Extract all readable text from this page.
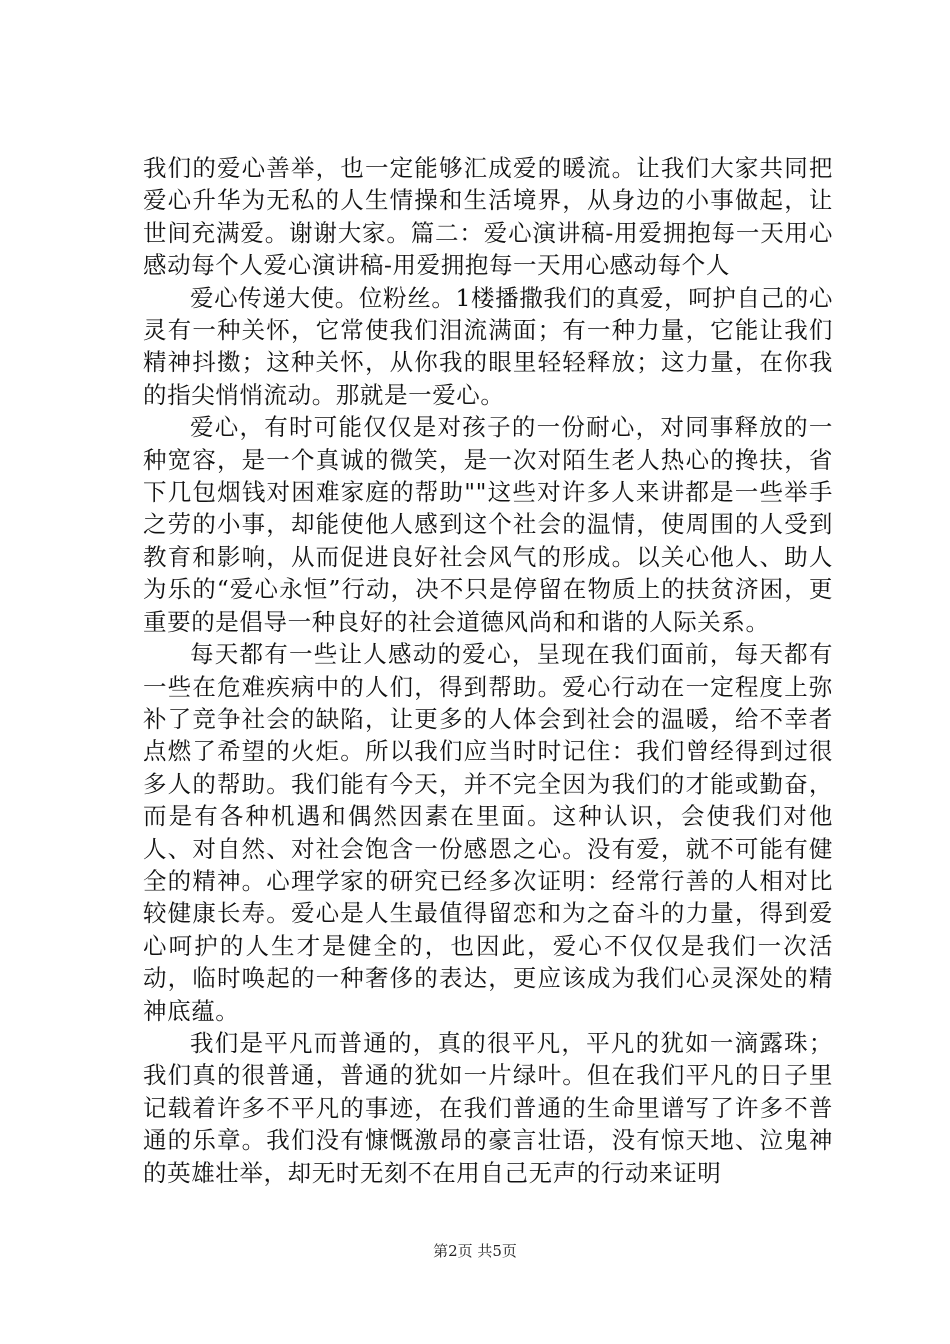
我们的爱心善举，也一定能够汇成爱的暖流。让我们大家共同把爱心升华为无私的人生情操和生活境界，从身边的小事做起，让世间充满爱。谢谢大家。篇二：爱心演讲稿-用爱拥抱每一天用心感动每个人爱心演讲稿-用爱拥抱每一天用心感动每个人

爱心传递大使。位粉丝。1楼播撒我们的真爱，呵护自己的心灵有一种关怀，它常使我们泪流满面；有一种力量，它能让我们精神抖擞；这种关怀，从你我的眼里轻轻释放；这力量，在你我的指尖悄悄流动。那就是一爱心。

爱心，有时可能仅仅是对孩子的一份耐心，对同事释放的一种宽容，是一个真诚的微笑，是一次对陌生老人热心的搀扶，省下几包烟钱对困难家庭的帮助""这些对许多人来讲都是一些举手之劳的小事，却能使他人感到这个社会的温情，使周围的人受到教育和影响，从而促进良好社会风气的形成。以关心他人、助人为乐的“爱心永恒”行动，决不只是停留在物质上的扶贫济困，更重要的是倡导一种良好的社会道德风尚和和谐的人际关系。

每天都有一些让人感动的爱心，呈现在我们面前，每天都有一些在危难疾病中的人们，得到帮助。爱心行动在一定程度上弥补了竞争社会的缺陷，让更多的人体会到社会的温暖，给不幸者点燃了希望的火炬。所以我们应当时时记住：我们曾经得到过很多人的帮助。我们能有今天，并不完全因为我们的才能或勤奋，而是有各种机遇和偶然因素在里面。这种认识，会使我们对他人、对自然、对社会饱含一份感恩之心。没有爱，就不可能有健全的精神。心理学家的研究已经多次证明：经常行善的人相对比较健康长寿。爱心是人生最值得留恋和为之奋斗的力量，得到爱心呵护的人生才是健全的，也因此，爱心不仅仅是我们一次活动，临时唤起的一种奢侈的表达，更应该成为我们心灵深处的精神底蕴。

我们是平凡而普通的，真的很平凡，平凡的犹如一滴露珠；我们真的很普通，普通的犹如一片绿叶。但在我们平凡的日子里记载着许多不平凡的事迹，在我们普通的生命里谱写了许多不普通的乐章。我们没有慷慨激昂的豪言壮语，没有惊天地、泣鬼神的英雄壮举，却无时无刻不在用自己无声的行动来证明

第2页 共5页
